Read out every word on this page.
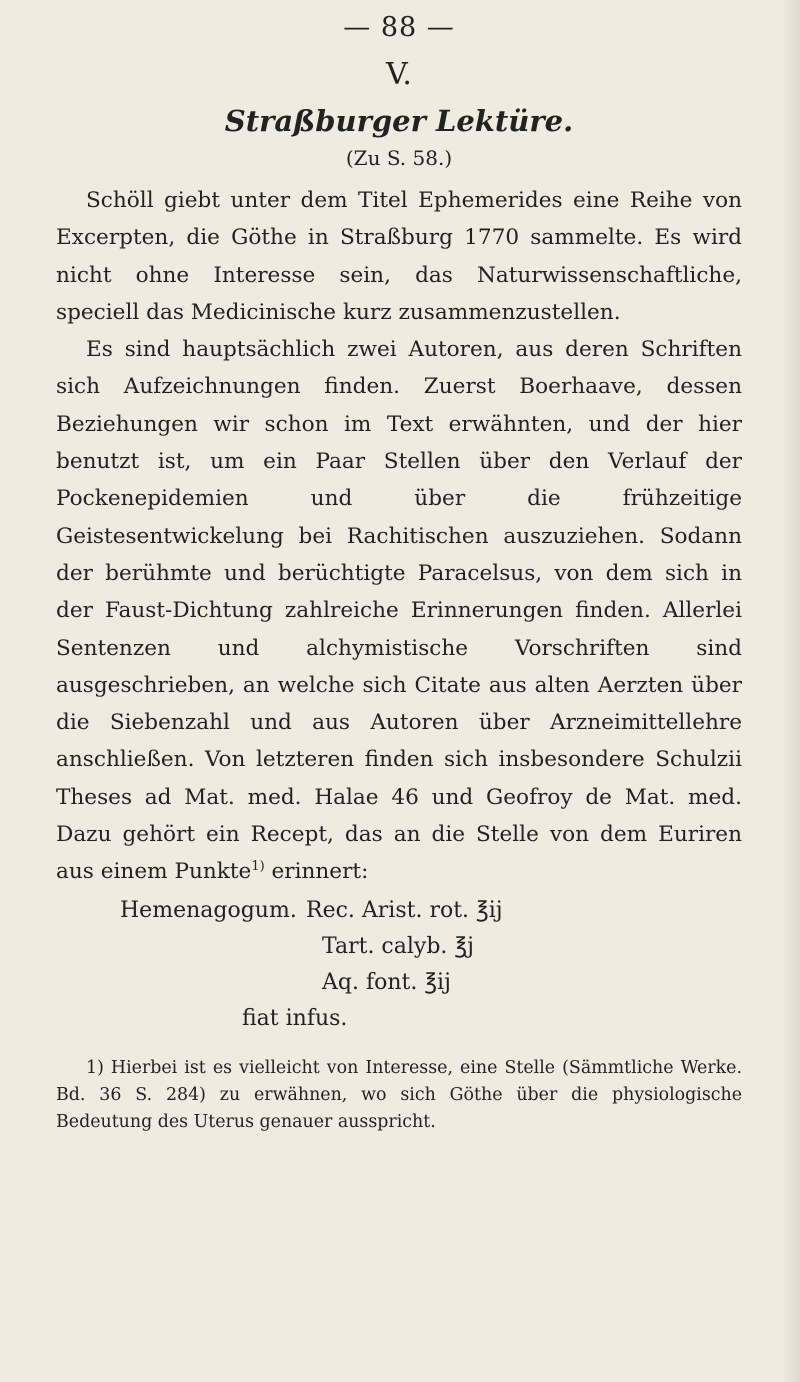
— 88 —
V.
Straßburger Lektüre.
(Zu S. 58.)

Schöll giebt unter dem Titel Ephemerides eine Reihe von Excerpten, die Göthe in Straßburg 1770 sammelte. Es wird nicht ohne Interesse sein, das Naturwissenschaftliche, speciell das Medicinische kurz zusammenzustellen.

Es sind hauptsächlich zwei Autoren, aus deren Schriften sich Aufzeichnungen finden. Zuerst Boerhaave, dessen Beziehungen wir schon im Text erwähnten, und der hier benutzt ist, um ein Paar Stellen über den Verlauf der Pockenepidemien und über die frühzeitige Geistesentwickelung bei Rachitischen auszuziehen. Sodann der berühmte und berüchtigte Paracelsus, von dem sich in der Faust-Dichtung zahlreiche Erinnerungen finden. Allerlei Sentenzen und alchymistische Vorschriften sind ausgeschrieben, an welche sich Citate aus alten Aerzten über die Siebenzahl und aus Autoren über Arzneimittellehre anschließen. Von letzteren finden sich insbesondere Schulzii Theses ad Mat. med. Halae 46 und Geofroy de Mat. med. Dazu gehört ein Recept, das an die Stelle von dem Euriren aus einem Punkte$^{1)}$ erinnert:

Hemenagogum. Rec. Arist. rot. ℥ij
Tart. calyb. ℥j
Aq. font. ℥ij
fiat infus.

1) Hierbei ist es vielleicht von Interesse, eine Stelle (Sämmtliche Werke. Bd. 36 S. 284) zu erwähnen, wo sich Göthe über die physiologische Bedeutung des Uterus genauer ausspricht.
